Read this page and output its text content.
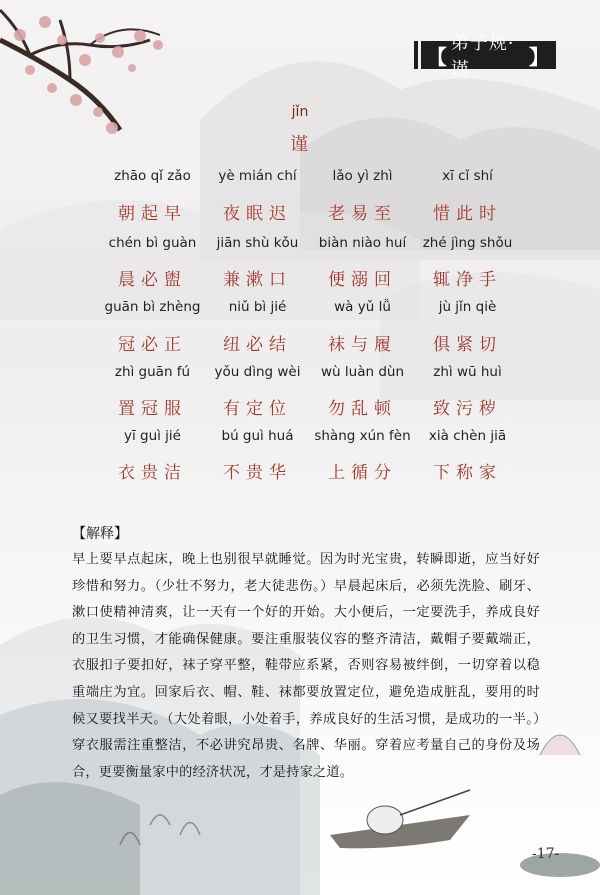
【
弟子规·谨
】
jǐn
谨
zhāo qǐ zǎo	yè mián chí	lǎo yì zhì	xī cǐ shí
朝起早	夜眠迟	老易至	惜此时
chén bì guàn	jiān shù kǒu	biàn niào huí	zhé jìng shǒu
晨必盥	兼漱口	便溺回	辄净手
guān bì zhèng	niǔ bì jié	wà yǔ lǚ	jù jǐn qiè
冠必正	纽必结	袜与履	俱紧切
zhì guān fú	yǒu dìng wèi	wù luàn dùn	zhì wū huì
置冠服	有定位	勿乱顿	致污秽
yī guì jié	bú guì huá	shàng xún fèn	xià chèn jiā
衣贵洁	不贵华	上循分	下称家
【解释】
早上要早点起床，晚上也别很早就睡觉。因为时光宝贵，转瞬即逝，应当好好珍惜和努力。（少壮不努力，老大徒悲伤。）早晨起床后，必须先洗脸、刷牙、漱口使精神清爽，让一天有一个好的开始。大小便后，一定要洗手，养成良好的卫生习惯，才能确保健康。要注重服装仪容的整齐清洁，戴帽子要戴端正，衣服扣子要扣好，袜子穿平整，鞋带应系紧，否则容易被绊倒，一切穿着以稳重端庄为宜。回家后衣、帽、鞋、袜都要放置定位，避免造成脏乱，要用的时候又要找半天。（大处着眼，小处着手，养成良好的生活习惯，是成功的一半。）穿衣服需注重整洁，不必讲究昂贵、名牌、华丽。穿着应考量自己的身份及场合，更要衡量家中的经济状况，才是持家之道。
-17-
